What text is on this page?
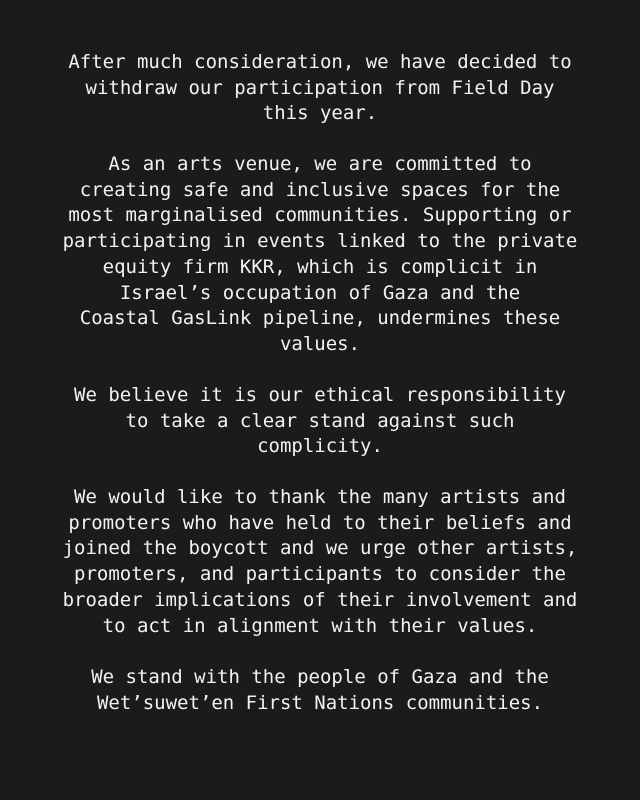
After much consideration, we have decided to
withdraw our participation from Field Day
this year.

As an arts venue, we are committed to
creating safe and inclusive spaces for the
most marginalised communities. Supporting or
participating in events linked to the private
equity firm KKR, which is complicit in
Israel’s occupation of Gaza and the
Coastal GasLink pipeline, undermines these
values.

We believe it is our ethical responsibility
to take a clear stand against such
complicity.

We would like to thank the many artists and
promoters who have held to their beliefs and
joined the boycott and we urge other artists,
promoters, and participants to consider the
broader implications of their involvement and
to act in alignment with their values.

We stand with the people of Gaza and the
Wet’suwet’en First Nations communities.
